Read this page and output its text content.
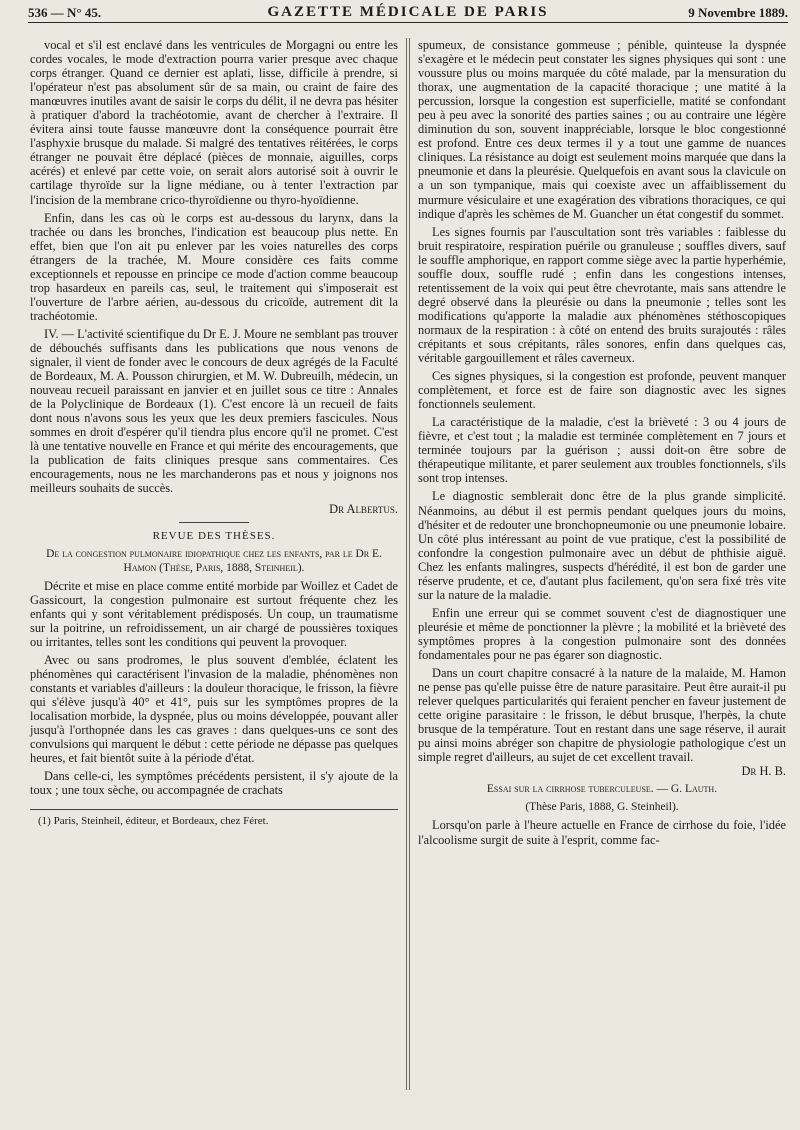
536 — N° 45.	GAZETTE MÉDICALE DE PARIS	9 Novembre 1889.

vocal et s'il est enclavé dans les ventricules de Morgagni ou entre les cordes vocales, le mode d'extraction pourra varier presque avec chaque corps étranger. Quand ce dernier est aplati, lisse, difficile à prendre, si l'opérateur n'est pas absolument sûr de sa main, ou craint de faire des manœuvres inutiles avant de saisir le corps du délit, il ne devra pas hésiter à pratiquer d'abord la trachéotomie, avant de chercher à l'extraire. Il évitera ainsi toute fausse manœuvre dont la conséquence pourrait être l'asphyxie brusque du malade. Si malgré des tentatives réitérées, le corps étranger ne pouvait être déplacé (pièces de monnaie, aiguilles, corps acérés) et enlevé par cette voie, on serait alors autorisé soit à ouvrir le cartilage thyroïde sur la ligne médiane, ou à tenter l'extraction par l'incision de la membrane crico-thyroïdienne ou thyro-hyoïdienne.

Enfin, dans les cas où le corps est au-dessous du larynx, dans la trachée ou dans les bronches, l'indication est beaucoup plus nette. En effet, bien que l'on ait pu enlever par les voies naturelles des corps étrangers de la trachée, M. Moure considère ces faits comme exceptionnels et repousse en principe ce mode d'action comme beaucoup trop hasardeux en pareils cas, seul, le traitement qui s'imposerait est l'ouverture de l'arbre aérien, au-dessous du cricoïde, autrement dit la trachéotomie.

IV. — L'activité scientifique du Dr E. J. Moure ne semblant pas trouver de débouchés suffisants dans les publications que nous venons de signaler, il vient de fonder avec le concours de deux agrégés de la Faculté de Bordeaux, M. A. Pousson chirurgien, et M. W. Dubreuilh, médecin, un nouveau recueil paraissant en janvier et en juillet sous ce titre : Annales de la Polyclinique de Bordeaux (1). C'est encore là un recueil de faits dont nous n'avons sous les yeux que les deux premiers fascicules. Nous sommes en droit d'espérer qu'il tiendra plus encore qu'il ne promet. C'est là une tentative nouvelle en France et qui mérite des encouragements, que la publication de faits cliniques presque sans commentaires. Ces encouragements, nous ne les marchanderons pas et nous y joignons nos meilleurs souhaits de succès.

Dr Albertus.
REVUE DES THÈSES.

De la congestion pulmonaire idiopathique chez les enfants, par le Dr E. Hamon (Thèse, Paris, 1888, Steinheil).

Décrite et mise en place comme entité morbide par Woillez et Cadet de Gassicourt, la congestion pulmonaire est surtout fréquente chez les enfants qui y sont véritablement prédisposés. Un coup, un traumatisme sur la poitrine, un refroidissement, un air chargé de poussières toxiques ou irritantes, telles sont les conditions qui peuvent la provoquer.

Avec ou sans prodromes, le plus souvent d'emblée, éclatent les phénomènes qui caractérisent l'invasion de la maladie, phénomènes non constants et variables d'ailleurs : la douleur thoracique, le frisson, la fièvre qui s'élève jusqu'à 40° et 41°, puis sur les symptômes propres de la localisation morbide, la dyspnée, plus ou moins développée, pouvant aller jusqu'à l'orthopnée dans les cas graves : dans quelques-uns ce sont des convulsions qui marquent le début : cette période ne dépasse pas quelques heures, et fait bientôt suite à la période d'état.

Dans celle-ci, les symptômes précédents persistent, il s'y ajoute de la toux ; une toux sèche, ou accompagnée de crachats

(1) Paris, Steinheil, éditeur, et Bordeaux, chez Féret.

spumeux, de consistance gommeuse ; pénible, quinteuse la dyspnée s'exagère et le médecin peut constater les signes physiques qui sont : une voussure plus ou moins marquée du côté malade, par la mensuration du thorax, une augmentation de la capacité thoracique ; une matité à la percussion, lorsque la congestion est superficielle, matité se confondant peu à peu avec la sonorité des parties saines ; ou au contraire une légère diminution du son, souvent inappréciable, lorsque le bloc congestionné est profond. Entre ces deux termes il y a tout une gamme de nuances cliniques. La résistance au doigt est seulement moins marquée que dans la pneumonie et dans la pleurésie. Quelquefois en avant sous la clavicule on a un son tympanique, mais qui coexiste avec un affaiblissement du murmure vésiculaire et une exagération des vibrations thoraciques, ce qui indique d'après les schèmes de M. Guancher un état congestif du sommet.

Les signes fournis par l'auscultation sont très variables : faiblesse du bruit respiratoire, respiration puérile ou granuleuse ; souffles divers, sauf le souffle amphorique, en rapport comme siège avec la partie hyperhémie, souffle doux, souffle rudé ; enfin dans les congestions intenses, retentissement de la voix qui peut être chevrotante, mais sans attendre le degré observé dans la pleurésie ou dans la pneumonie ; telles sont les modifications qu'apporte la maladie aux phénomènes stéthoscopiques normaux de la respiration : à côté on entend des bruits surajoutés : râles crépitants et sous crépitants, râles sonores, enfin dans quelques cas, véritable gargouillement et râles caverneux.

Ces signes physiques, si la congestion est profonde, peuvent manquer complètement, et force est de faire son diagnostic avec les signes fonctionnels seulement.

La caractéristique de la maladie, c'est la brièveté : 3 ou 4 jours de fièvre, et c'est tout ; la maladie est terminée complètement en 7 jours et terminée toujours par la guérison ; aussi doit-on être sobre de thérapeutique militante, et parer seulement aux troubles fonctionnels, s'ils sont trop intenses.

Le diagnostic semblerait donc être de la plus grande simplicité. Néanmoins, au début il est permis pendant quelques jours du moins, d'hésiter et de redouter une bronchopneumonie ou une pneumonie lobaire. Un côté plus intéressant au point de vue pratique, c'est la possibilité de confondre la congestion pulmonaire avec un début de phthisie aiguë. Chez les enfants malingres, suspects d'hérédité, il est bon de garder une réserve prudente, et ce, d'autant plus facilement, qu'on sera fixé très vite sur la nature de la maladie.

Enfin une erreur qui se commet souvent c'est de diagnostiquer une pleurésie et même de ponctionner la plèvre ; la mobilité et la brièveté des symptômes propres à la congestion pulmonaire sont des données fondamentales pour ne pas égarer son diagnostic.

Dans un court chapitre consacré à la nature de la malaide, M. Hamon ne pense pas qu'elle puisse être de nature parasitaire. Peut être aurait-il pu relever quelques particularités qui feraient pencher en faveur justement de cette origine parasitaire : le frisson, le début brusque, l'herpès, la chute brusque de la température. Tout en restant dans une sage réserve, il aurait pu ainsi moins abréger son chapitre de physiologie pathologique c'est un simple regret d'ailleurs, au sujet de cet excellent travail.

Dr H. B.

Essai sur la cirrhose tuberculeuse. — G. Lauth.

(Thèse Paris, 1888, G. Steinheil).

Lorsqu'on parle à l'heure actuelle en France de cirrhose du foie, l'idée l'alcoolisme surgit de suite à l'esprit, comme fac-
